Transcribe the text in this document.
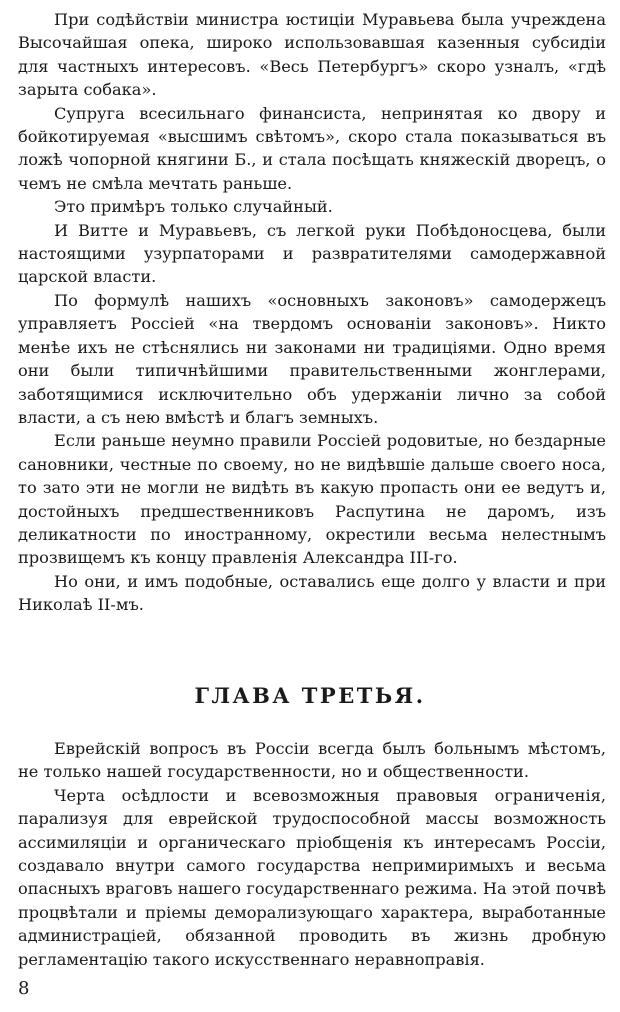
При содѣйствіи министра юстиціи Муравьева была учреждена Высочайшая опека, широко использовавшая казенныя субсидіи для частныхъ интересовъ. «Весь Петербургъ» скоро узналъ, «гдѣ зарыта собака».

Супруга всесильнаго финансиста, непринятая ко двору и бойкотируемая «высшимъ свѣтомъ», скоро стала показываться въ ложѣ чопорной княгини Б., и стала посѣщать княжескій дворецъ, о чемъ не смѣла мечтать раньше.

Это примѣръ только случайный.

И Витте и Муравьевъ, съ легкой руки Побѣдоносцева, были настоящими узурпаторами и развратителями самодержавной царской власти.

По формулѣ нашихъ «основныхъ законовъ» самодержецъ управляетъ Россіей «на твердомъ основаніи законовъ». Никто менѣе ихъ не стѣснялись ни законами ни традиціями. Одно время они были типичнѣйшими правительственными жонглерами, заботящимися исключительно объ удержаніи лично за собой власти, а съ нею вмѣстѣ и благъ земныхъ.

Если раньше неумно правили Россіей родовитые, но бездарные сановники, честные по своему, но не видѣвшіе дальше своего носа, то зато эти не могли не видѣть въ какую пропасть они ее ведутъ и, достойныхъ предшественниковъ Распутина не даромъ, изъ деликатности по иностранному, окрестили весьма нелестнымъ прозвищемъ къ концу правленія Александра III-го.

Но они, и имъ подобные, оставались еще долго у власти и при Николаѣ II-мъ.

ГЛАВА ТРЕТЬЯ.

Еврейскій вопросъ въ Россіи всегда былъ больнымъ мѣстомъ, не только нашей государственности, но и общественности.

Черта осѣдлости и всевозможныя правовыя ограниченія, парализуя для еврейской трудоспособной массы возможность ассимиляціи и органическаго пріобщенія къ интересамъ Россіи, создавало внутри самого государства непримиримыхъ и весьма опасныхъ враговъ нашего государственнаго режима. На этой почвѣ процвѣтали и пріемы деморализующаго характера, выработанные администраціей, обязанной проводить въ жизнь дробную регламентацію такого искусственнаго неравноправія.

8
